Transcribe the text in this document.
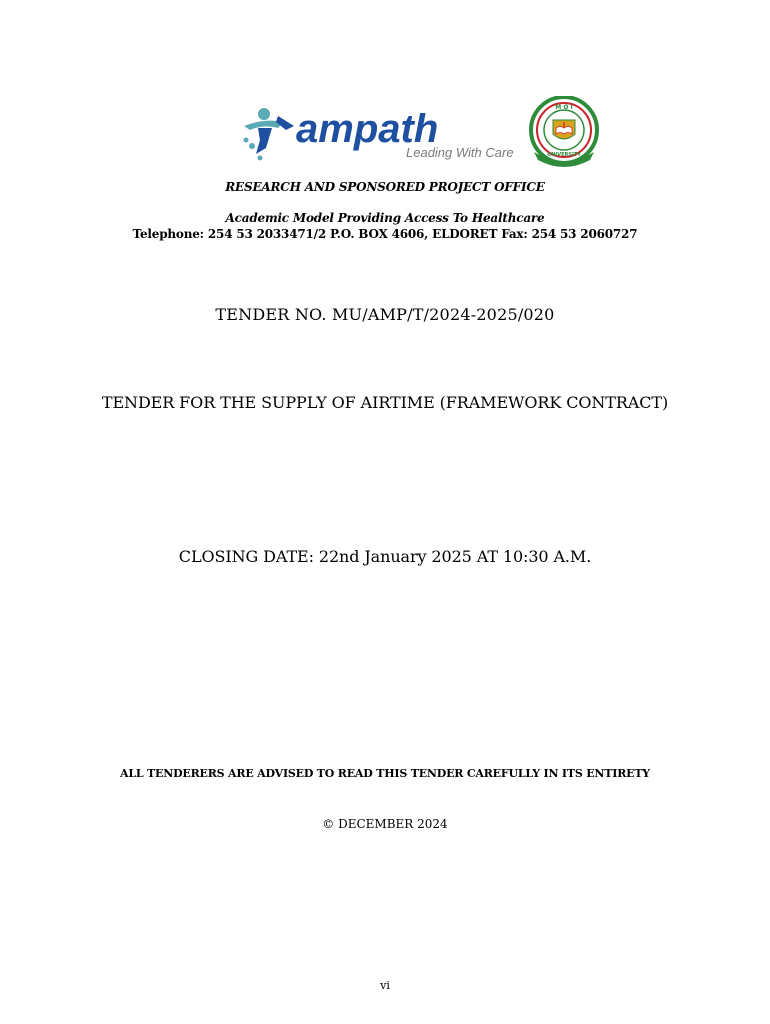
ampath
Leading With Care
M O I
UNIVERSITY
RESEARCH AND SPONSORED PROJECT OFFICE
Academic Model Providing Access To Healthcare
Telephone: 254 53 2033471/2 P.O. BOX 4606, ELDORET Fax: 254 53 2060727
TENDER NO. MU/AMP/T/2024-2025/020
TENDER FOR THE SUPPLY OF AIRTIME (FRAMEWORK CONTRACT)
CLOSING DATE: 22nd January 2025 AT 10:30 A.M.
ALL TENDERERS ARE ADVISED TO READ THIS TENDER CAREFULLY IN ITS ENTIRETY
© DECEMBER 2024
vi
